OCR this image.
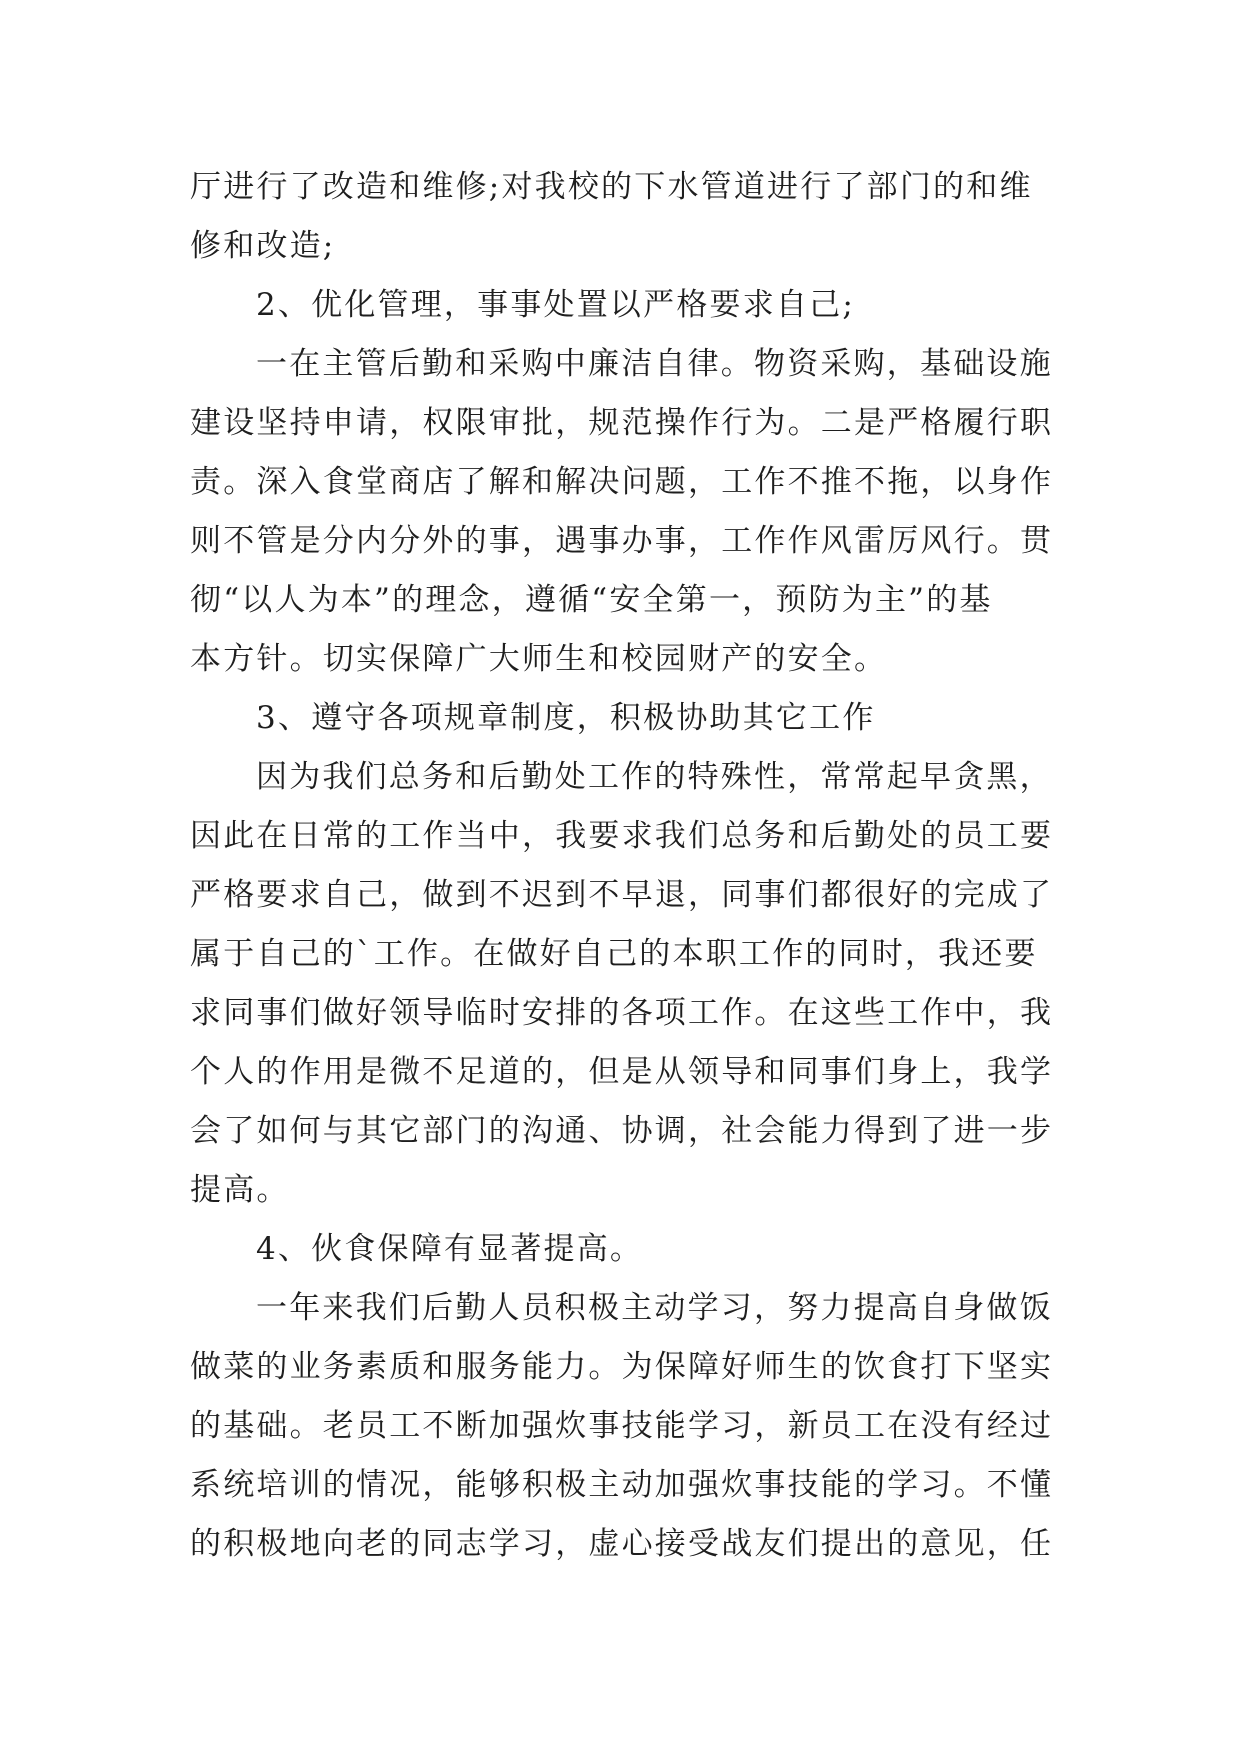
厅进行了改造和维修;对我校的下水管道进行了部门的和维
修和改造;

2、优化管理，事事处置以严格要求自己;

一在主管后勤和采购中廉洁自律。物资采购，基础设施
建设坚持申请，权限审批，规范操作行为。二是严格履行职
责。深入食堂商店了解和解决问题，工作不推不拖，以身作
则不管是分内分外的事，遇事办事，工作作风雷厉风行。贯
彻“以人为本”的理念，遵循“安全第一，预防为主”的基
本方针。切实保障广大师生和校园财产的安全。

3、遵守各项规章制度，积极协助其它工作

因为我们总务和后勤处工作的特殊性，常常起早贪黑，
因此在日常的工作当中，我要求我们总务和后勤处的员工要
严格要求自己，做到不迟到不早退，同事们都很好的完成了
属于自己的`工作。在做好自己的本职工作的同时，我还要
求同事们做好领导临时安排的各项工作。在这些工作中，我
个人的作用是微不足道的，但是从领导和同事们身上，我学
会了如何与其它部门的沟通、协调，社会能力得到了进一步
提高。

4、伙食保障有显著提高。

一年来我们后勤人员积极主动学习，努力提高自身做饭
做菜的业务素质和服务能力。为保障好师生的饮食打下坚实
的基础。老员工不断加强炊事技能学习，新员工在没有经过
系统培训的情况，能够积极主动加强炊事技能的学习。不懂
的积极地向老的同志学习，虚心接受战友们提出的意见，任
